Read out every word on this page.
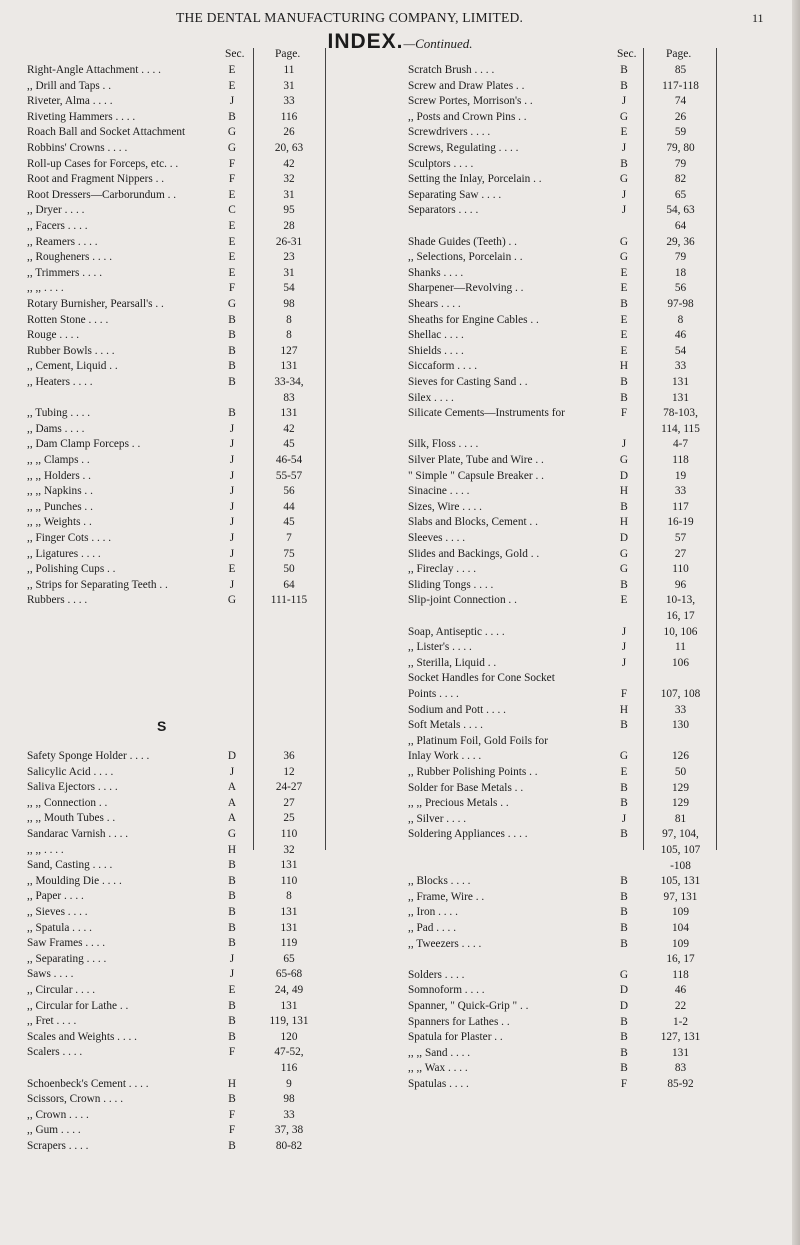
THE DENTAL MANUFACTURING COMPANY, LIMITED.	11
INDEX.—Continued.
Sec.	Page.
S
Right-Angle Attachment . . . .	E	11
,, Drill and Taps . .	E	31
Riveter, Alma . . . .	J	33
Riveting Hammers . . . .	B	116
Roach Ball and Socket Attachment	G	26
Robbins' Crowns . . . .	G	20, 63
Roll-up Cases for Forceps, etc. . .	F	42
Root and Fragment Nippers . .	F	32
Root Dressers—Carborundum . .	E	31
,, Dryer . . . .	C	95
,, Facers . . . .	E	28
,, Reamers . . . .	E	26-31
,, Rougheners . . . .	E	23
,, Trimmers . . . .	E	31
,, ,, . . . .	F	54
Rotary Burnisher, Pearsall's . .	G	98
Rotten Stone . . . .	B	8
Rouge . . . .	B	8
Rubber Bowls . . . .	B	127
,, Cement, Liquid . .	B	131
,, Heaters . . . .	B	33-34,
83
,, Tubing . . . .	B	131
,, Dams . . . .	J	42
,, Dam Clamp Forceps . .	J	45
,, ,, Clamps . .	J	46-54
,, ,, Holders . .	J	55-57
,, ,, Napkins . .	J	56
,, ,, Punches . .	J	44
,, ,, Weights . .	J	45
,, Finger Cots . . . .	J	7
,, Ligatures . . . .	J	75
,, Polishing Cups . .	E	50
,, Strips for Separating Teeth . .	J	64
Rubbers . . . .	G	111-115
Safety Sponge Holder . . . .	D	36
Salicylic Acid . . . .	J	12
Saliva Ejectors . . . .	A	24-27
,, ,, Connection . .	A	27
,, ,, Mouth Tubes . .	A	25
Sandarac Varnish . . . .	G	110
,, ,, . . . .	H	32
Sand, Casting . . . .	B	131
,, Moulding Die . . . .	B	110
,, Paper . . . .	B	8
,, Sieves . . . .	B	131
,, Spatula . . . .	B	131
Saw Frames . . . .	B	119
,, Separating . . . .	J	65
Saws . . . .	J	65-68
,, Circular . . . .	E	24, 49
,, Circular for Lathe . .	B	131
,, Fret . . . .	B	119, 131
Scales and Weights . . . .	B	120
Scalers . . . .	F	47-52,
116
Schoenbeck's Cement . . . .	H	9
Scissors, Crown . . . .	B	98
,, Crown . . . .	F	33
,, Gum . . . .	F	37, 38
Scrapers . . . .	B	80-82
Sec.	Page.
Scratch Brush . . . .	B	85
Screw and Draw Plates . .	B	117-118
Screw Portes, Morrison's . .	J	74
,, Posts and Crown Pins . .	G	26
Screwdrivers . . . .	E	59
Screws, Regulating . . . .	J	79, 80
Sculptors . . . .	B	79
Setting the Inlay, Porcelain . .	G	82
Separating Saw . . . .	J	65
Separators . . . .	J	54, 63
64
Shade Guides (Teeth) . .	G	29, 36
,, Selections, Porcelain . .	G	79
Shanks . . . .	E	18
Sharpener—Revolving . .	E	56
Shears . . . .	B	97-98
Sheaths for Engine Cables . .	E	8
Shellac . . . .	E	46
Shields . . . .	E	54
Siccaform . . . .	H	33
Sieves for Casting Sand . .	B	131
Silex . . . .	B	131
Silicate Cements—Instruments for	F	78-103,
114, 115
Silk, Floss . . . .	J	4-7
Silver Plate, Tube and Wire . .	G	118
" Simple " Capsule Breaker . .	D	19
Sinacine . . . .	H	33
Sizes, Wire . . . .	B	117
Slabs and Blocks, Cement . .	H	16-19
Sleeves . . . .	D	57
Slides and Backings, Gold . .	G	27
,, Fireclay . . . .	G	110
Sliding Tongs . . . .	B	96
Slip-joint Connection . .	E	10-13,
16, 17
Soap, Antiseptic . . . .	J	10, 106
,, Lister's . . . .	J	11
,, Sterilla, Liquid . .	J	106
Socket Handles for Cone Socket
Points . . . .	F	107, 108
Sodium and Pott . . . .	H	33
Soft Metals . . . .	B	130
,, Platinum Foil, Gold Foils for
Inlay Work . . . .	G	126
,, Rubber Polishing Points . .	E	50
Solder for Base Metals . .	B	129
,, ,, Precious Metals . .	B	129
,, Silver . . . .	J	81
Soldering Appliances . . . .	B	97, 104,
105, 107
-108
,, Blocks . . . .	B	105, 131
,, Frame, Wire . .	B	97, 131
,, Iron . . . .	B	109
,, Pad . . . .	B	104
,, Tweezers . . . .	B	109
16, 17
Solders . . . .	G	118
Somnoform . . . .	D	46
Spanner, " Quick-Grip " . .	D	22
Spanners for Lathes . .	B	1-2
Spatula for Plaster . .	B	127, 131
,, ,, Sand . . . .	B	131
,, ,, Wax . . . .	B	83
Spatulas . . . .	F	85-92
